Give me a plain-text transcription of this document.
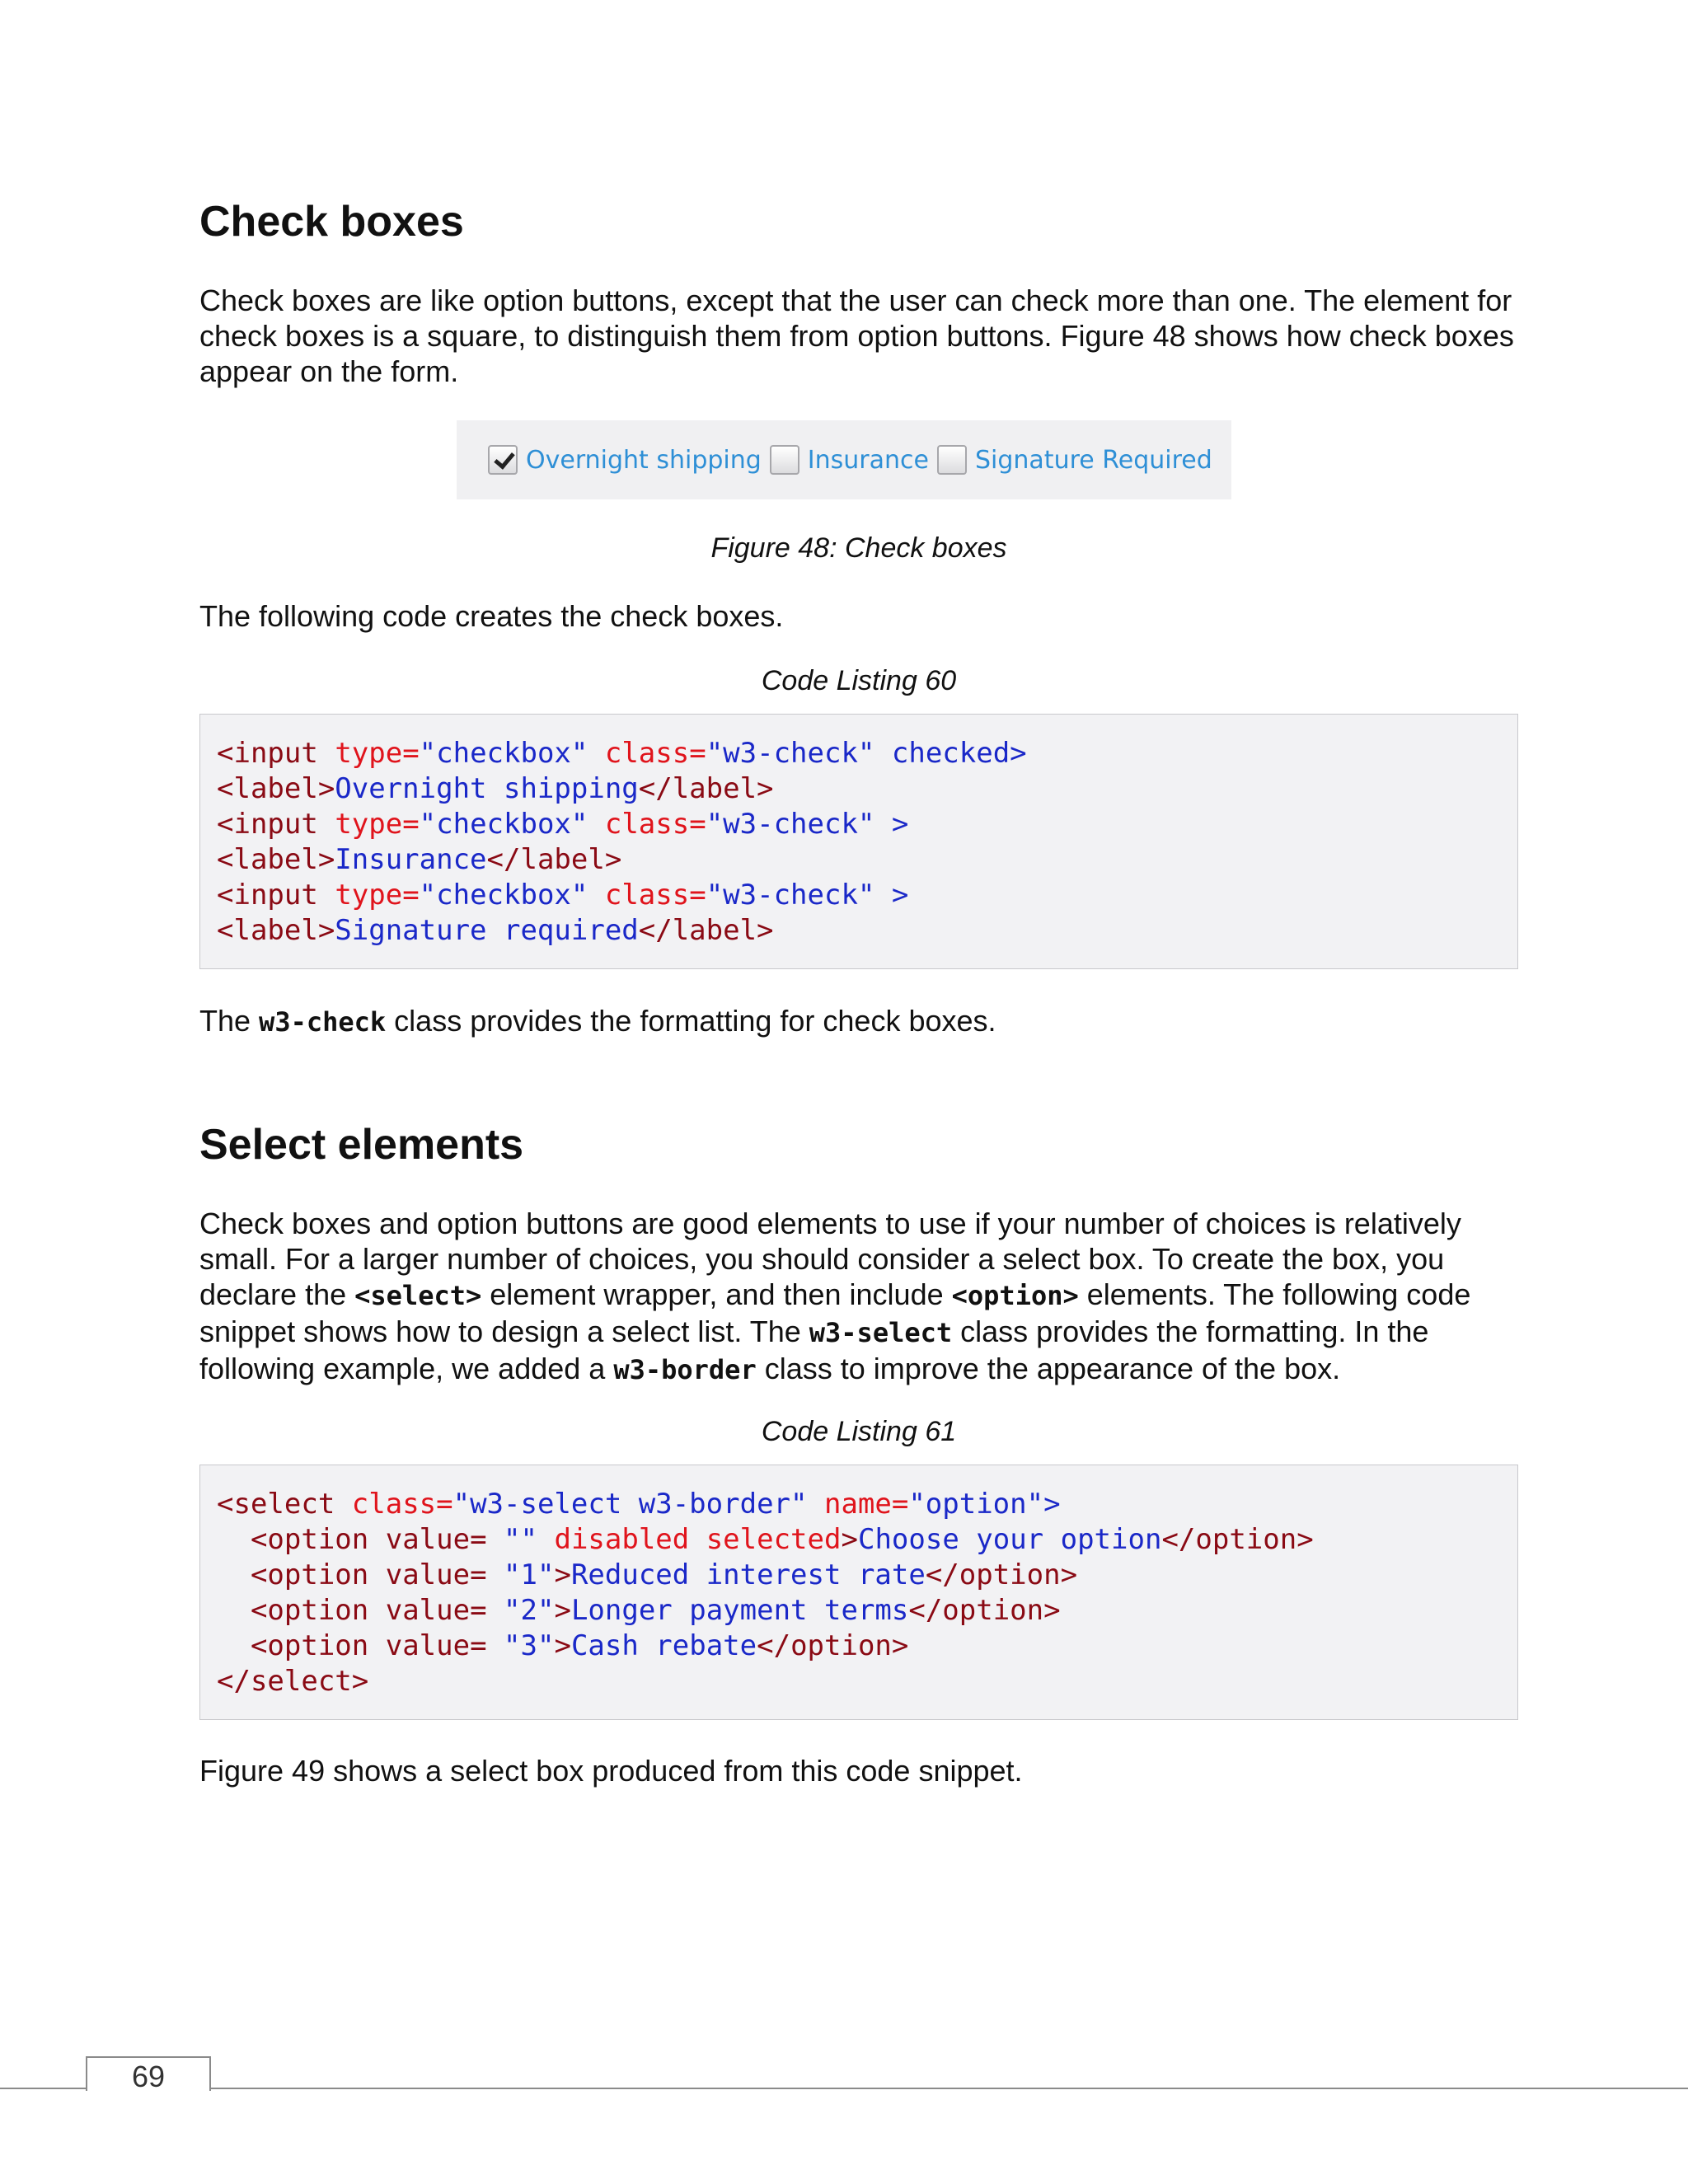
Check boxes

Check boxes are like option buttons, except that the user can check more than one. The element for check boxes is a square, to distinguish them from option buttons. Figure 48 shows how check boxes appear on the form.

Figure 48: Check boxes

The following code creates the check boxes.

Code Listing 60
<input type="checkbox" class="w3-check" checked>
<label>Overnight shipping</label>
<input type="checkbox" class="w3-check" >
<label>Insurance</label>
<input type="checkbox" class="w3-check" >
<label>Signature required</label>

The w3-check class provides the formatting for check boxes.

Select elements

Check boxes and option buttons are good elements to use if your number of choices is relatively small. For a larger number of choices, you should consider a select box. To create the box, you declare the <select> element wrapper, and then include <option> elements. The following code snippet shows how to design a select list. The w3-select class provides the formatting. In the following example, we added a w3-border class to improve the appearance of the box.

Code Listing 61
<select class="w3-select w3-border" name="option">
<option value= "" disabled selected>Choose your option</option>
<option value= "1">Reduced interest rate</option>
<option value= "2">Longer payment terms</option>
<option value= "3">Cash rebate</option>
</select>

Figure 49 shows a select box produced from this code snippet.

Overnight shipping Insurance Signature Required
69
